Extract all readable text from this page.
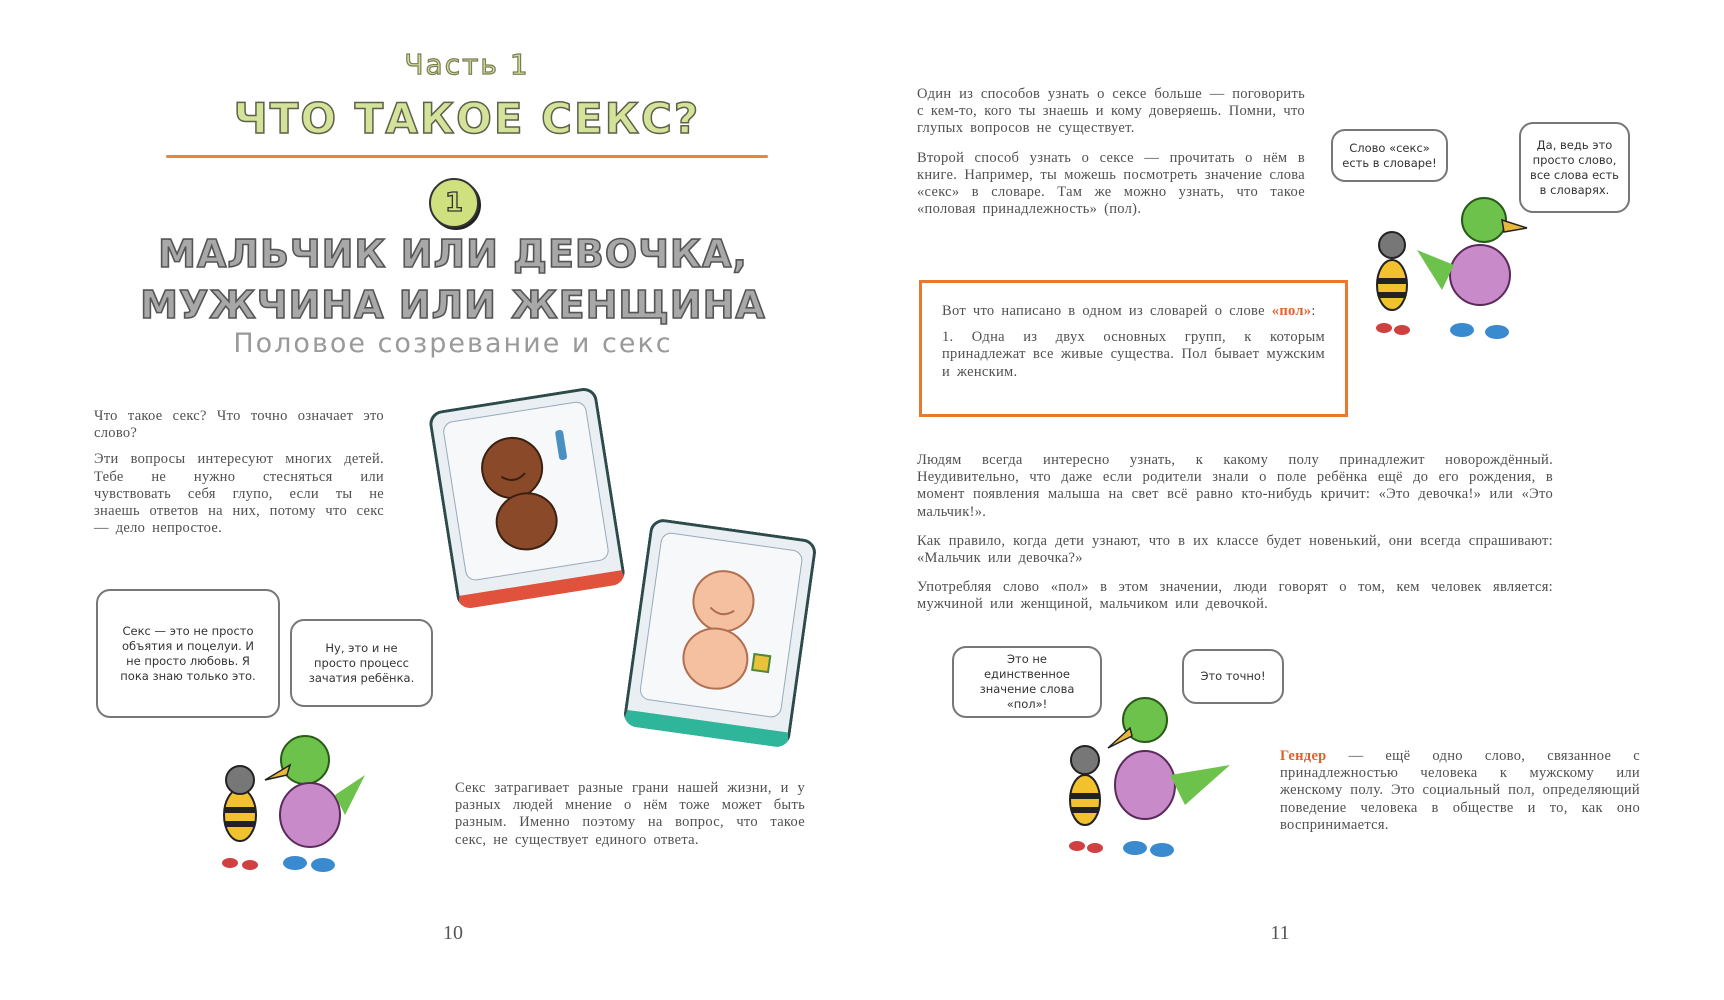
Часть 1
ЧТО ТАКОЕ СЕКС?
1
МАЛЬЧИК ИЛИ ДЕВОЧКА,
МУЖЧИНА ИЛИ ЖЕНЩИНА
Половое созревание и секс

Что такое секс? Что точно означает это слово?

Эти вопросы интересуют многих детей. Тебе не нужно стесняться или чувствовать себя глупо, если ты не знаешь ответов на них, потому что секс — дело непростое.

Секс — это не просто объятия и поцелуи. И не просто любовь. Я пока знаю только это.
Ну, это и не просто процесс зачатия ребёнка.

Секс затрагивает разные грани нашей жизни, и у разных людей мнение о нём тоже может быть разным. Именно поэтому на вопрос, что такое секс, не существует единого ответа.

10

Один из способов узнать о сексе больше — поговорить с кем-то, кого ты знаешь и кому доверяешь. Помни, что глупых вопросов не существует.

Второй способ узнать о сексе — прочитать о нём в книге. Например, ты можешь посмотреть значение слова «секс» в словаре. Там же можно узнать, что такое «половая принадлежность» (пол).

Вот что написано в одном из словарей о слове «пол»:

1. Одна из двух основных групп, к которым принадлежат все живые существа. Пол бывает мужским и женским.

Слово «секс» есть в словаре!
Да, ведь это просто слово, все слова есть в словарях.

Людям всегда интересно узнать, к какому полу принадлежит новорождённый. Неудивительно, что даже если родители знали о поле ребёнка ещё до его рождения, в момент появления малыша на свет всё равно кто-нибудь кричит: «Это девочка!» или «Это мальчик!».

Как правило, когда дети узнают, что в их классе будет новенький, они всегда спрашивают: «Мальчик или девочка?»

Употребляя слово «пол» в этом значении, люди говорят о том, кем человек является: мужчиной или женщиной, мальчиком или девочкой.

Это не единственное значение слова «пол»!
Это точно!

Гендер — ещё одно слово, связанное с принадлежностью человека к мужскому или женскому полу. Это социальный пол, определяющий поведение человека в обществе и то, как оно воспринимается.

11
